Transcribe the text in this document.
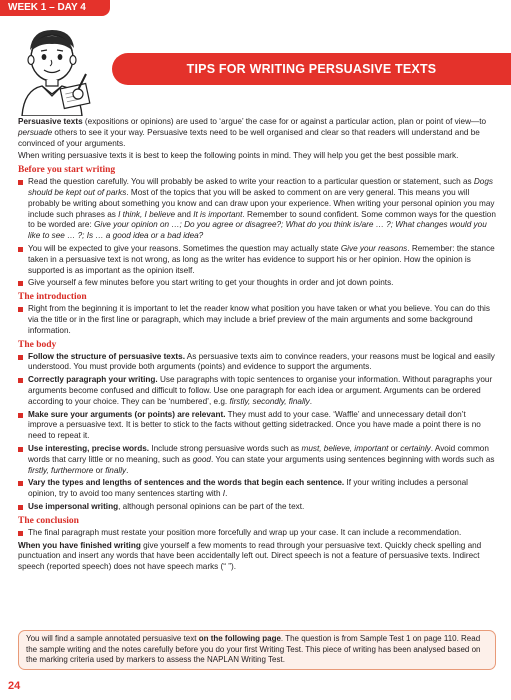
WEEK 1 – DAY 4
TIPS FOR WRITING PERSUASIVE TEXTS

Persuasive texts (expositions or opinions) are used to ‘argue’ the case for or against a particular action, plan or point of view—to persuade others to see it your way. Persuasive texts need to be well organised and clear so that readers will understand and be convinced of your arguments.

When writing persuasive texts it is best to keep the following points in mind. They will help you get the best possible mark.

Before you start writing

Read the question carefully. You will probably be asked to write your reaction to a particular question or statement, such as Dogs should be kept out of parks. Most of the topics that you will be asked to comment on are very general. This means you will probably be writing about something you know and can draw upon your experience. When writing your personal opinion you may include such phrases as I think, I believe and It is important. Remember to sound confident. Some common ways for the question to be worded are: Give your opinion on …; Do you agree or disagree?; What do you think is/are … ?; What changes would you like to see … ?; Is … a good idea or a bad idea?

You will be expected to give your reasons. Sometimes the question may actually state Give your reasons. Remember: the stance taken in a persuasive text is not wrong, as long as the writer has evidence to support his or her opinion. How the opinion is supported is as important as the opinion itself.

Give yourself a few minutes before you start writing to get your thoughts in order and jot down points.

The introduction

Right from the beginning it is important to let the reader know what position you have taken or what you believe. You can do this via the title or in the first line or paragraph, which may include a brief preview of the main arguments and some background information.

The body

Follow the structure of persuasive texts. As persuasive texts aim to convince readers, your reasons must be logical and easily understood. You must provide both arguments (points) and evidence to support the arguments.

Correctly paragraph your writing. Use paragraphs with topic sentences to organise your information. Without paragraphs your arguments become confused and difficult to follow. Use one paragraph for each idea or argument. Arguments can be ordered according to your choice. They can be ‘numbered’, e.g. firstly, secondly, finally.

Make sure your arguments (or points) are relevant. They must add to your case. ‘Waffle’ and unnecessary detail don’t improve a persuasive text. It is better to stick to the facts without getting sidetracked. Once you have made a point there is no need to repeat it.

Use interesting, precise words. Include strong persuasive words such as must, believe, important or certainly. Avoid common words that carry little or no meaning, such as good. You can state your arguments using sentences beginning with words such as firstly, furthermore or finally.

Vary the types and lengths of sentences and the words that begin each sentence. If your writing includes a personal opinion, try to avoid too many sentences starting with I.

Use impersonal writing, although personal opinions can be part of the text.

The conclusion

The final paragraph must restate your position more forcefully and wrap up your case. It can include a recommendation.

When you have finished writing give yourself a few moments to read through your persuasive text. Quickly check spelling and punctuation and insert any words that have been accidentally left out. Direct speech is not a feature of persuasive texts. Indirect speech (reported speech) does not have speech marks (“ ”).

You will find a sample annotated persuasive text on the following page. The question is from Sample Test 1 on page 110. Read the sample writing and the notes carefully before you do your first Writing Test. This piece of writing has been analysed based on the marking criteria used by markers to assess the NAPLAN Writing Test.
24
